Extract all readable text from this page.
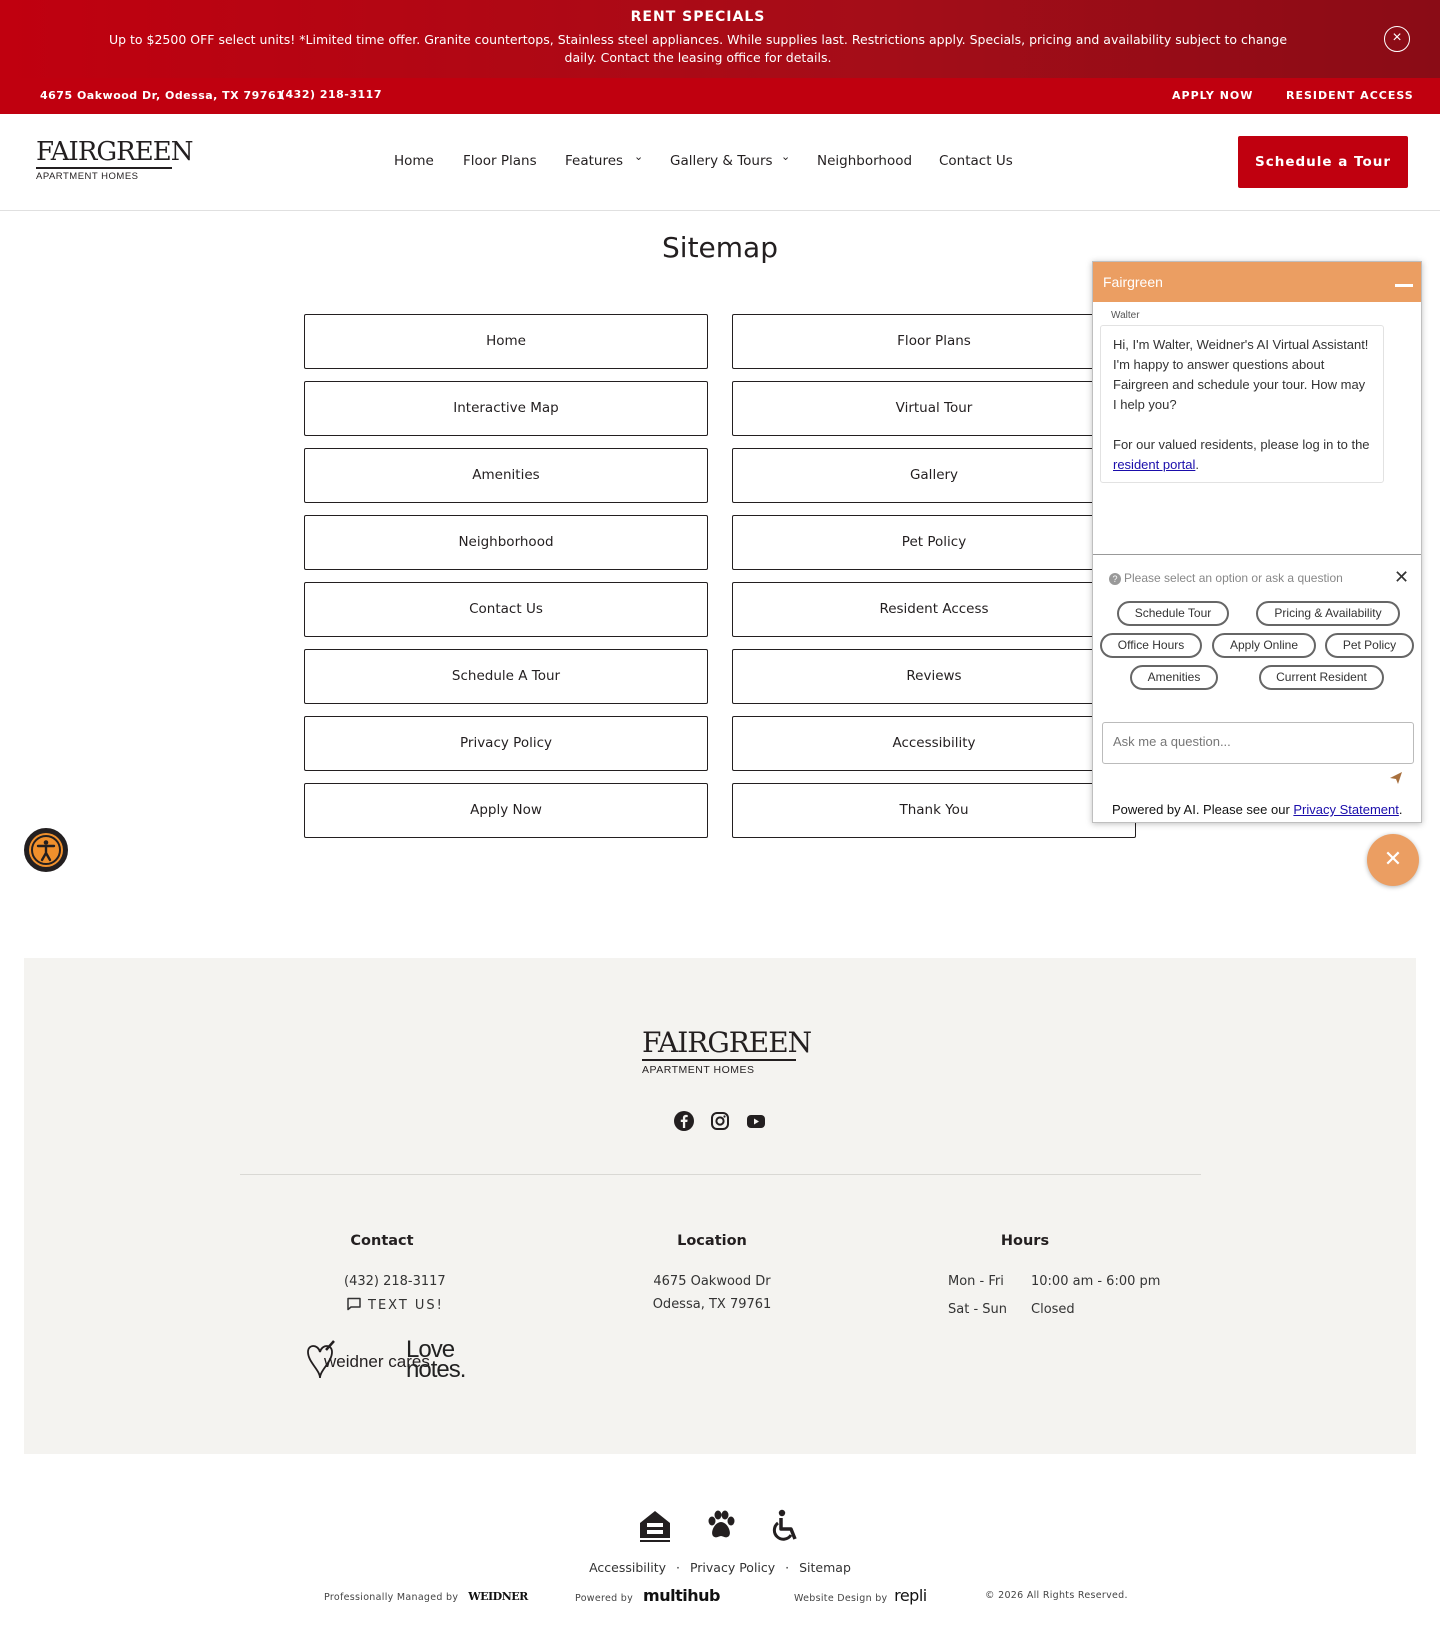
RENT SPECIALS
Up to $2500 OFF select units! *Limited time offer. Granite countertops, Stainless steel appliances. While supplies last. Restrictions apply. Specials, pricing and availability subject to change daily. Contact the leasing office for details.
×
4675 Oakwood Dr, Odessa, TX 79761
(432) 218-3117	APPLY NOW	RESIDENT ACCESS
FAIRGREEN
APARTMENT HOMES
Home Floor Plans Features ⌄ Gallery & Tours ⌄ Neighborhood Contact Us	Schedule a Tour
Sitemap
Home
Interactive Map
Amenities
Neighborhood
Contact Us
Schedule A Tour
Privacy Policy
Apply Now
Floor Plans
Virtual Tour
Gallery
Pet Policy
Resident Access
Reviews
Accessibility
Thank You
Fairgreen
Walter
Hi, I'm Walter, Weidner's AI Virtual Assistant! I'm happy to answer questions about Fairgreen and schedule your tour. How may I help you?
For our valued residents, please log in to the resident portal.
? Please select an option or ask a question	✕
Schedule Tour	Pricing & Availability
Office Hours	Apply Online	Pet Policy
Amenities	Current Resident
Ask me a question...
Powered by AI. Please see our Privacy Statement.
✕
FAIRGREEN
APARTMENT HOMES
Contact
(432) 218-3117
TEXT US!
weidner cares
Love
notes.
Location
4675 Oakwood Dr
Odessa, TX 79761
Hours
Mon - Fri 10:00 am - 6:00 pm
Sat - Sun Closed
Accessibility · Privacy Policy · Sitemap
Professionally Managed by WEIDNER	Powered by multihub	Website Design by repli	© 2026 All Rights Reserved.
